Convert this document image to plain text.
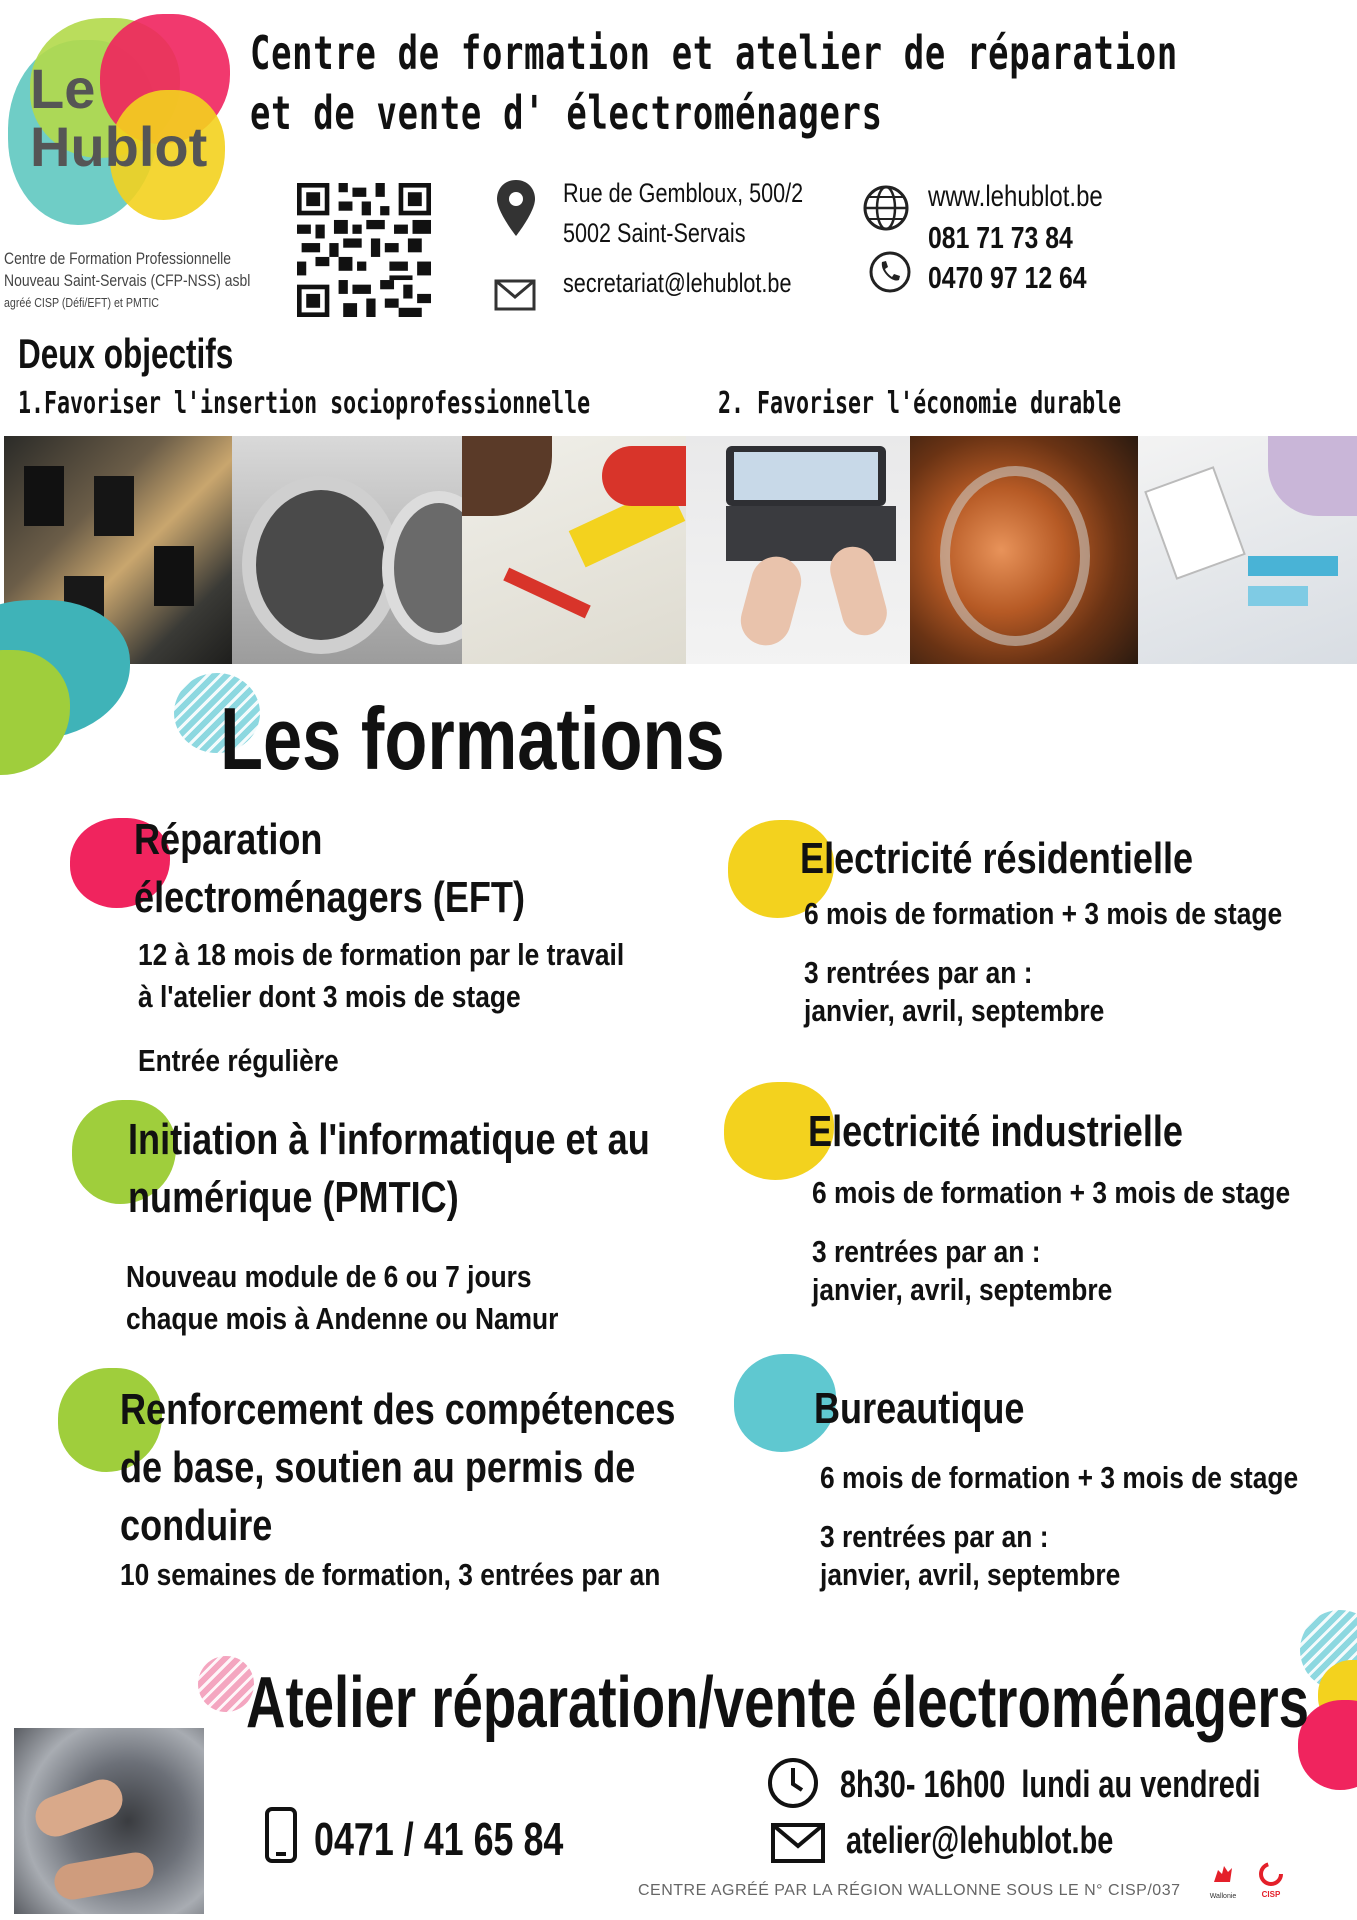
Le
Hublot
Centre de Formation Professionnelle
Nouveau Saint-Servais (CFP-NSS) asbl
agréé CISP (Défi/EFT) et PMTIC
Centre de formation et atelier de réparation
et de vente d' électroménagers
Rue de Gembloux, 500/2
5002 Saint-Servais
secretariat@lehublot.be
www.lehublot.be
081 71 73 84
0470 97 12 64
Deux objectifs
1.Favoriser l'insertion socioprofessionnelle	2. Favoriser l'économie durable
Les formations
Réparation
électroménagers (EFT)
12 à 18 mois de formation par le travail
à l'atelier dont 3 mois de stage
Entrée régulière
Initiation à l'informatique et au
numérique (PMTIC)
Nouveau module de 6 ou 7 jours
chaque mois à Andenne ou Namur
Renforcement des compétences
de base, soutien au permis de
conduire
10 semaines de formation, 3 entrées par an
Electricité résidentielle
6 mois de formation + 3 mois de stage
3 rentrées par an :
janvier, avril, septembre
Electricité industrielle
6 mois de formation + 3 mois de stage
3 rentrées par an :
janvier, avril, septembre
Bureautique
6 mois de formation + 3 mois de stage
3 rentrées par an :
janvier, avril, septembre
Atelier réparation/vente électroménagers
0471 / 41 65 84
8h30- 16h00  lundi au vendredi
atelier@lehublot.be
CENTRE AGRÉÉ PAR LA RÉGION WALLONNE SOUS LE N° CISP/037	Wallonie	CISP
